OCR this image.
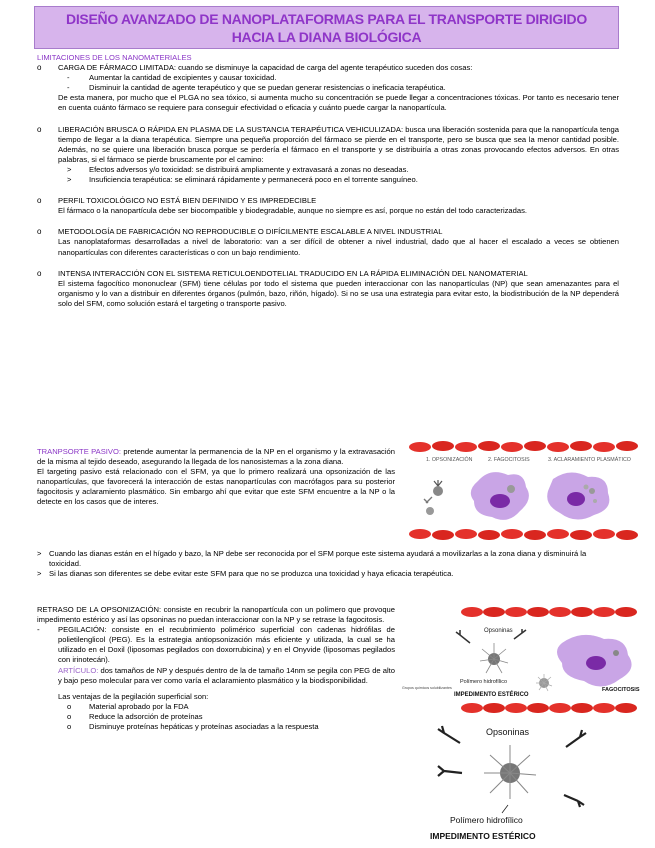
DISEÑO AVANZADO DE NANOPLATAFORMAS PARA EL TRANSPORTE DIRIGIDO
HACIA LA DIANA BIOLÓGICA
LIMITACIONES DE LOS NANOMATERIALES
o CARGA DE FÁRMACO LIMITADA: cuando se disminuye la capacidad de carga del agente terapéutico suceden dos cosas:
-	Aumentar la cantidad de excipientes y causar toxicidad.
-	Disminuir la cantidad de agente terapéutico y que se puedan generar resistencias o ineficacia terapéutica.
De esta manera, por mucho que el PLGA no sea tóxico, si aumenta mucho su concentración se puede llegar a concentraciones tóxicas. Por tanto es necesario tener en cuenta cuánto fármaco se requiere para conseguir efectividad o eficacia y cuánto puede cargar la nanopartícula.
o LIBERACIÓN BRUSCA O RÁPIDA EN PLASMA DE LA SUSTANCIA TERAPÉUTICA VEHICULIZADA: busca una liberación sostenida para que la nanopartícula tenga tiempo de llegar a la diana terapéutica. Siempre una pequeña proporción del fármaco se pierde en el transporte, pero se busca que sea la menor cantidad posible. Además, no se quiere una liberación brusca porque se perdería el fármaco en el transporte y se distribuiría a otras zonas provocando efectos adversos. En otras palabras, si el fármaco se pierde bruscamente por el camino:
> Efectos adversos y/o toxicidad: se distribuirá ampliamente y extravasará a zonas no deseadas.
> Insuficiencia terapéutica: se eliminará rápidamente y permanecerá poco en el torrente sanguíneo.
o PERFIL TOXICOLÓGICO NO ESTÁ BIEN DEFINIDO Y ES IMPREDECIBLE
El fármaco o la nanopartícula debe ser biocompatible y biodegradable, aunque no siempre es así, porque no están del todo caracterizadas.
o METODOLOGÍA DE FABRICACIÓN NO REPRODUCIBLE O DIFÍCILMENTE ESCALABLE A NIVEL INDUSTRIAL
Las nanoplataformas desarrolladas a nivel de laboratorio: van a ser difícil de obtener a nivel industrial, dado que al hacer el escalado a veces se obtienen nanopartículas con diferentes características o con un bajo rendimiento.
o INTENSA INTERACCIÓN CON EL SISTEMA RETICULOENDOTELIAL TRADUCIDO EN LA RÁPIDA ELIMINACIÓN DEL NANOMATERIAL
El sistema fagocítico mononuclear (SFM) tiene células por todo el sistema que pueden interaccionar con las nanopartículas (NP) que sean amenazantes para el organismo y lo van a distribuir en diferentes órganos (pulmón, bazo, riñón, hígado). Si no se usa una estrategia para evitar esto, la biodistribución de la NP dependerá solo del SFM, como solución estará el targeting o transporte pasivo.
TRANPSORTE PASIVO: pretende aumentar la permanencia de la NP en el organismo y la extravasación de la misma al tejido deseado, asegurando la llegada de los nanosistemas a la zona diana.
El targeting pasivo está relacionado con el SFM, ya que lo primero realizará una opsonización de las nanopartículas, que favorecerá la interacción de estas nanopartículas con macrófagos para su posterior fagocitosis y aclaramiento plasmático. Sin embargo ahí que evitar que este SFM encuentre a la NP o la detecte en los casos que de interes.
1. OPSONIZACIÓN	2. FAGOCITOSIS	3. ACLARAMIENTO PLASMÁTICO
> Cuando las dianas están en el hígado y bazo, la NP debe ser reconocida por el SFM porque este sistema ayudará a movilizarlas a la zona diana y disminuirá la toxicidad.
> Si las dianas son diferentes se debe evitar este SFM para que no se produzca una toxicidad y haya eficacia terapéutica.
RETRASO DE LA OPSONIZACIÓN: consiste en recubrir la nanopartícula con un polímero que provoque impedimento estérico y así las opsoninas no puedan interaccionar con la NP y se retrase la fagocitosis.
- PEGILACIÓN: consiste en el recubrimiento polimérico superficial con cadenas hidrófilas de polietilenglicol (PEG). Es la estrategia antiopsonización más eficiente y utilizada, la cual se ha utilizado en el Doxil (liposomas pegilados con doxorrubicina) y en el Onyvide (liposomas pegilados con irinotecán).
ARTÍCULO: dos tamaños de NP y después dentro de la de tamaño 14nm se pegila con PEG de alto y bajo peso molecular para ver como varía el aclaramiento plasmático y la biodisponibilidad.
Las ventajas de la pegilación superficial son:
o Material aprobado por la FDA
o Reduce la adsorción de proteínas
o Disminuye proteínas hepáticas y proteínas asociadas a la respuesta
Opsoninas
Polímero hidrofílico
Grupos químicos solubilizantes
IMPEDIMENTO ESTÉRICO
FAGOCITOSIS
Opsoninas
Polímero hidrofílico
IMPEDIMENTO ESTÉRICO
